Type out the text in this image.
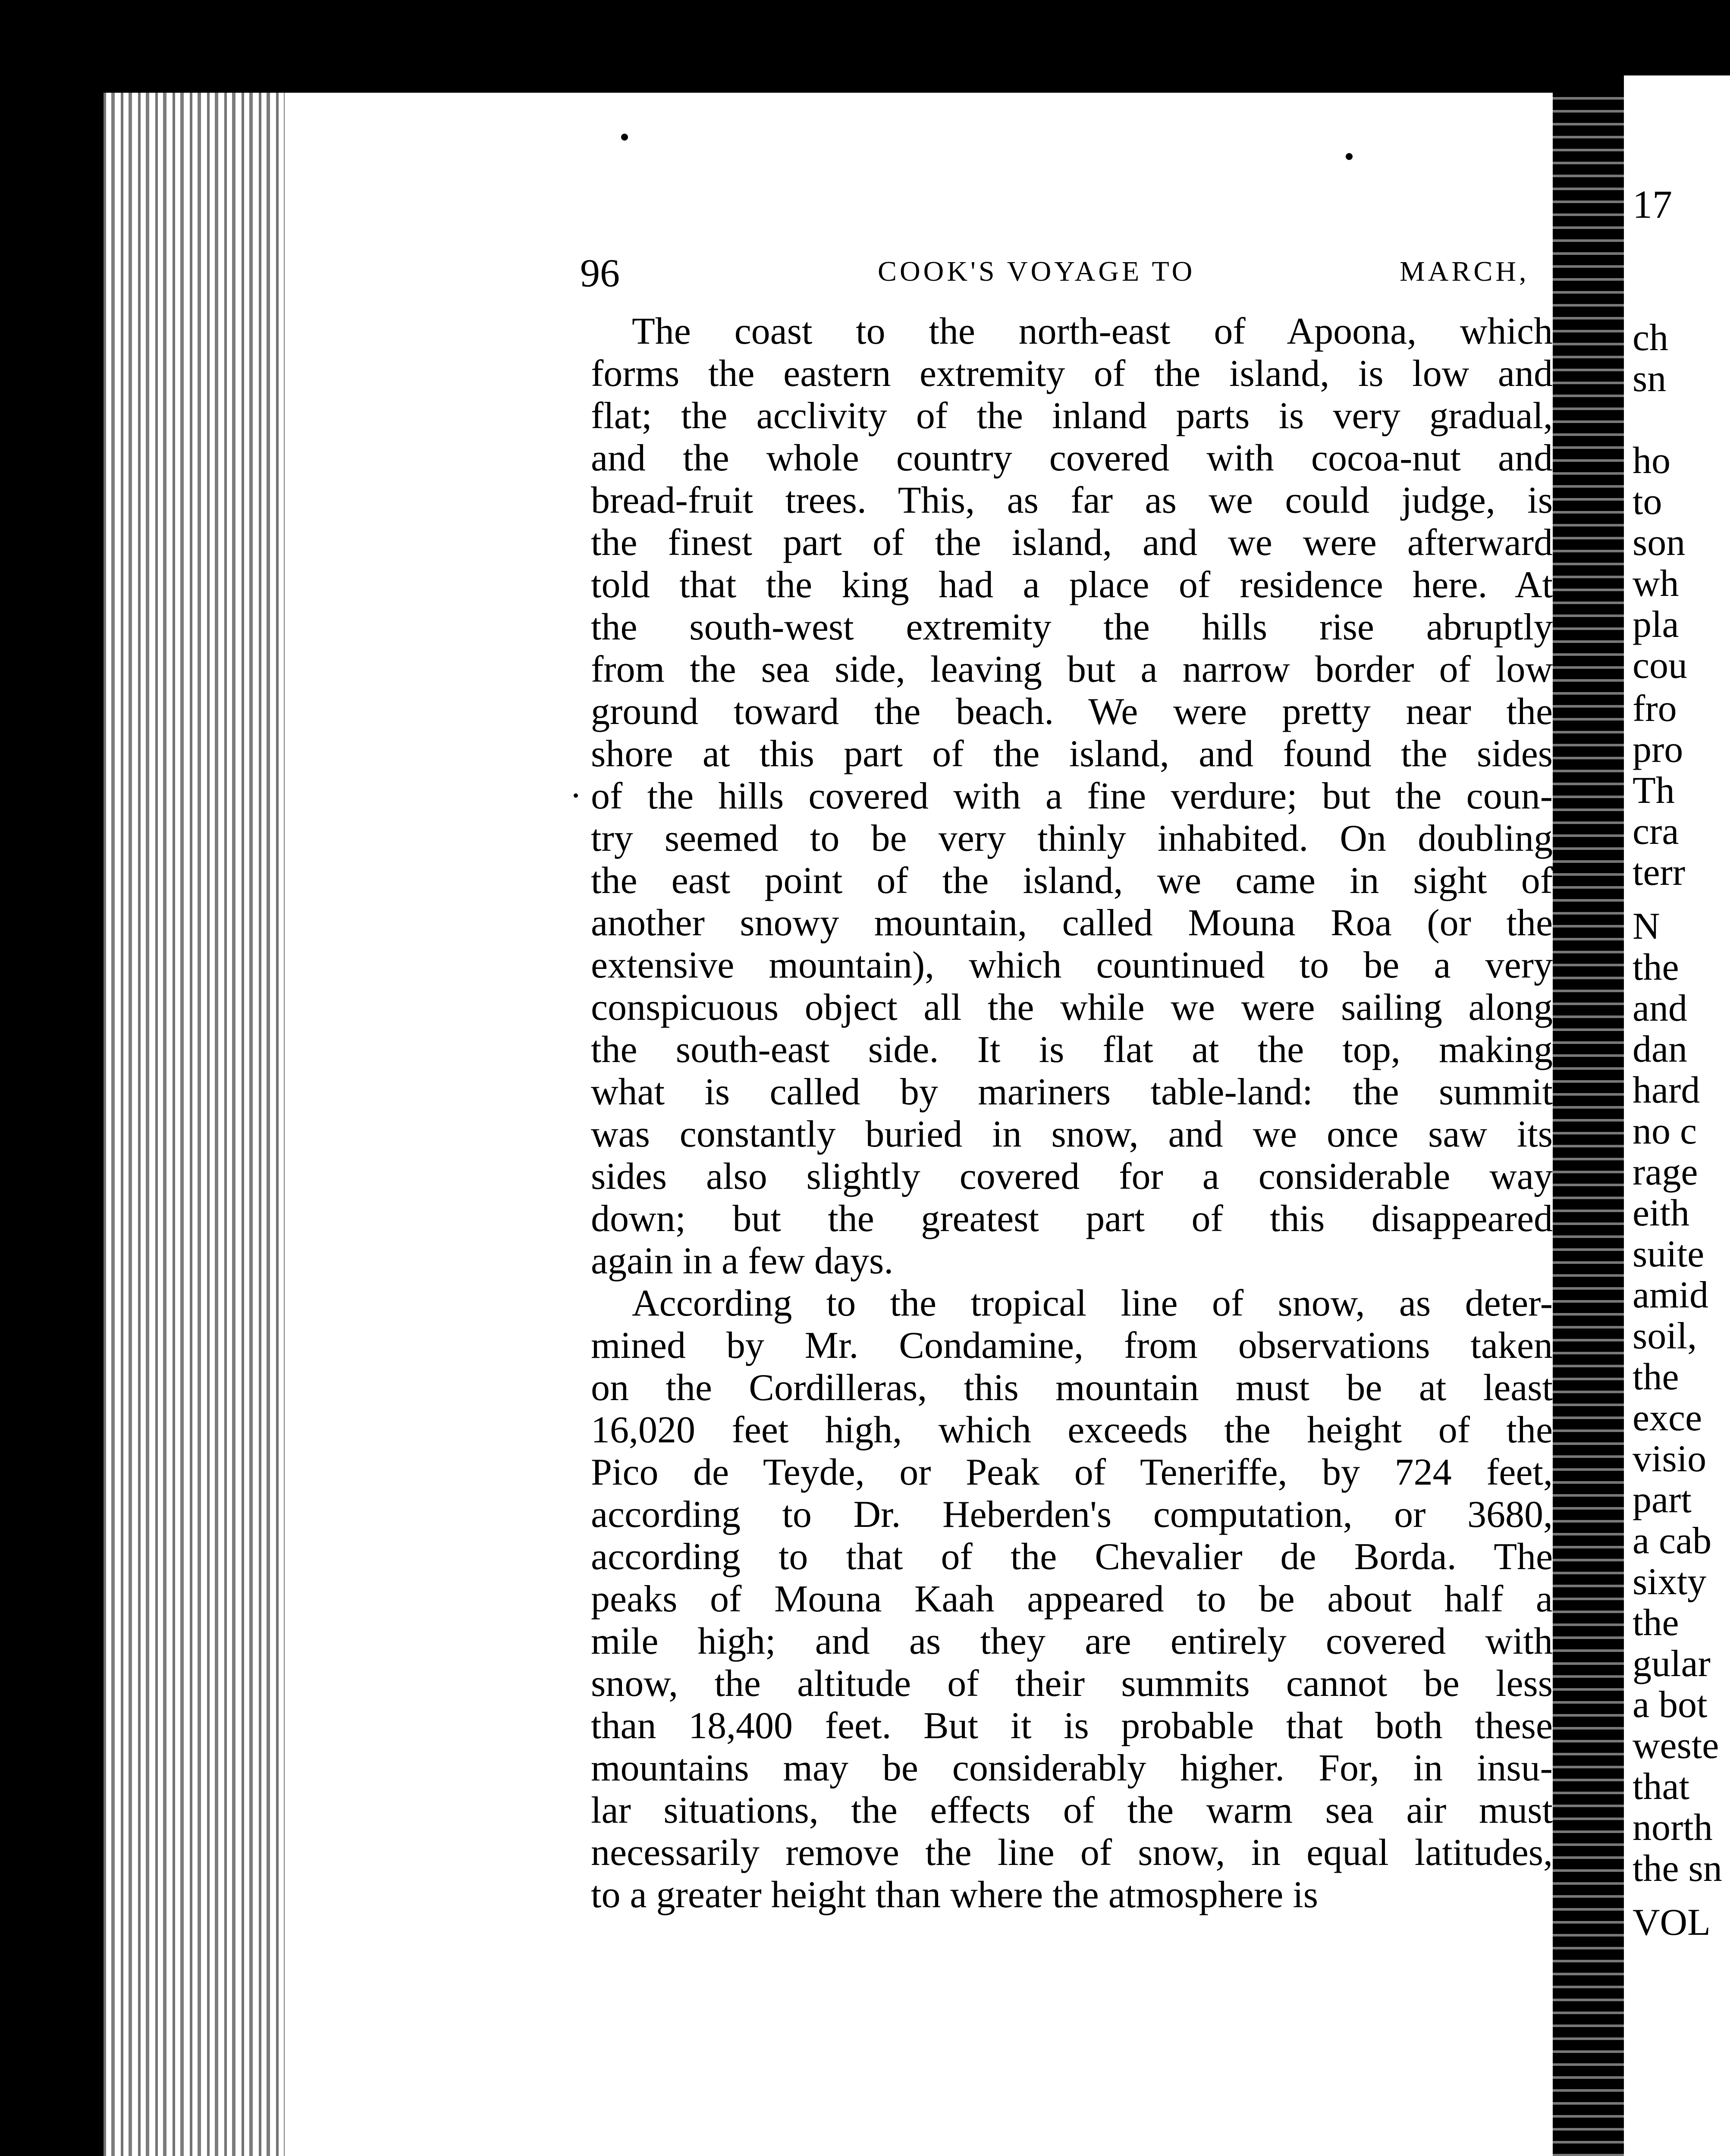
96	COOK'S VOYAGE TO	MARCH,
The coast to the north-east of Apoona, which
forms the eastern extremity of the island, is low and
flat; the acclivity of the inland parts is very gradual,
and the whole country covered with cocoa-nut and
bread-fruit trees. This, as far as we could judge, is
the finest part of the island, and we were afterward
told that the king had a place of residence here. At
the south-west extremity the hills rise abruptly
from the sea side, leaving but a narrow border of low
ground toward the beach. We were pretty near the
shore at this part of the island, and found the sides
of the hills covered with a fine verdure; but the coun-
try seemed to be very thinly inhabited. On doubling
the east point of the island, we came in sight of
another snowy mountain, called Mouna Roa (or the
extensive mountain), which countinued to be a very
conspicuous object all the while we were sailing along
the south-east side. It is flat at the top, making
what is called by mariners table-land: the summit
was constantly buried in snow, and we once saw its
sides also slightly covered for a considerable way
down; but the greatest part of this disappeared
again in a few days.
According to the tropical line of snow, as deter-
mined by Mr. Condamine, from observations taken
on the Cordilleras, this mountain must be at least
16,020 feet high, which exceeds the height of the
Pico de Teyde, or Peak of Teneriffe, by 724 feet,
according to Dr. Heberden's computation, or 3680,
according to that of the Chevalier de Borda. The
peaks of Mouna Kaah appeared to be about half a
mile high; and as they are entirely covered with
snow, the altitude of their summits cannot be less
than 18,400 feet. But it is probable that both these
mountains may be considerably higher. For, in insu-
lar situations, the effects of the warm sea air must
necessarily remove the line of snow, in equal latitudes,
to a greater height than where the atmosphere is
17
ch
sn
ho
to
son
wh
pla
cou
fro
pro
Th
cra
terr
N
the
and
dan
hard
no c
rage
eith
suite
amid
soil,
the
exce
visio
part
a cab
sixty
the
gular
a bot
weste
that
north
the sn
VOL
